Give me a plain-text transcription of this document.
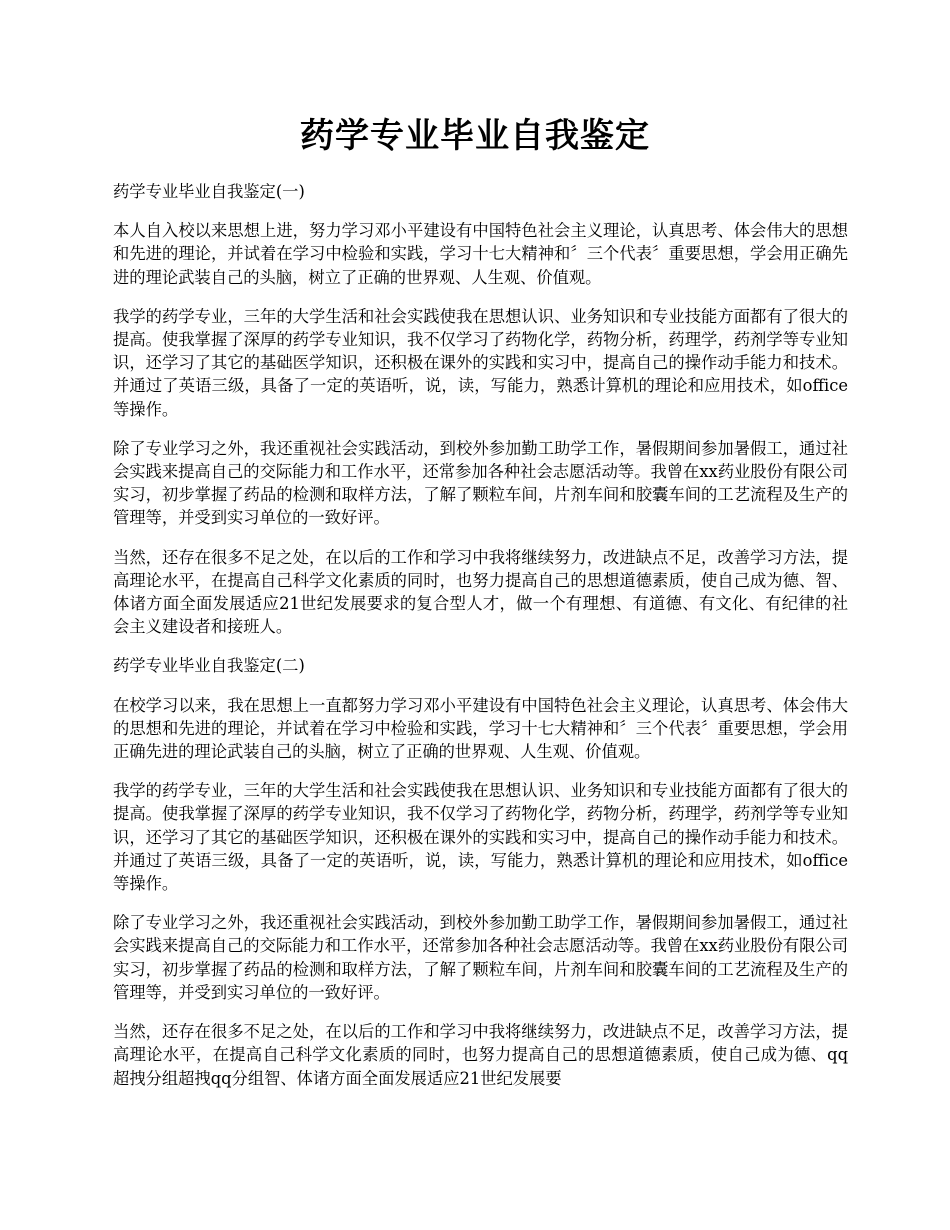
药学专业毕业自我鉴定

药学专业毕业自我鉴定(一)

本人自入校以来思想上进，努力学习邓小平建设有中国特色社会主义理论，认真思考、体会伟大的思想和先进的理论，并试着在学习中检验和实践，学习十七大精神和〞三个代表〞重要思想，学会用正确先进的理论武装自己的头脑，树立了正确的世界观、人生观、价值观。

我学的药学专业，三年的大学生活和社会实践使我在思想认识、业务知识和专业技能方面都有了很大的提高。使我掌握了深厚的药学专业知识，我不仅学习了药物化学，药物分析，药理学，药剂学等专业知识，还学习了其它的基础医学知识，还积极在课外的实践和实习中，提高自己的操作动手能力和技术。并通过了英语三级，具备了一定的英语听，说，读，写能力，熟悉计算机的理论和应用技术，如office等操作。

除了专业学习之外，我还重视社会实践活动，到校外参加勤工助学工作，暑假期间参加暑假工，通过社会实践来提高自己的交际能力和工作水平，还常参加各种社会志愿活动等。我曾在xx药业股份有限公司实习，初步掌握了药品的检测和取样方法，了解了颗粒车间，片剂车间和胶囊车间的工艺流程及生产的管理等，并受到实习单位的一致好评。

当然，还存在很多不足之处，在以后的工作和学习中我将继续努力，改进缺点不足，改善学习方法，提高理论水平，在提高自己科学文化素质的同时，也努力提高自己的思想道德素质，使自己成为德、智、体诸方面全面发展适应21世纪发展要求的复合型人才，做一个有理想、有道德、有文化、有纪律的社会主义建设者和接班人。

药学专业毕业自我鉴定(二)

在校学习以来，我在思想上一直都努力学习邓小平建设有中国特色社会主义理论，认真思考、体会伟大的思想和先进的理论，并试着在学习中检验和实践，学习十七大精神和〞三个代表〞重要思想，学会用正确先进的理论武装自己的头脑，树立了正确的世界观、人生观、价值观。

我学的药学专业，三年的大学生活和社会实践使我在思想认识、业务知识和专业技能方面都有了很大的提高。使我掌握了深厚的药学专业知识，我不仅学习了药物化学，药物分析，药理学，药剂学等专业知识，还学习了其它的基础医学知识，还积极在课外的实践和实习中，提高自己的操作动手能力和技术。并通过了英语三级，具备了一定的英语听，说，读，写能力，熟悉计算机的理论和应用技术，如office等操作。

除了专业学习之外，我还重视社会实践活动，到校外参加勤工助学工作，暑假期间参加暑假工，通过社会实践来提高自己的交际能力和工作水平，还常参加各种社会志愿活动等。我曾在xx药业股份有限公司实习，初步掌握了药品的检测和取样方法，了解了颗粒车间，片剂车间和胶囊车间的工艺流程及生产的管理等，并受到实习单位的一致好评。

当然，还存在很多不足之处，在以后的工作和学习中我将继续努力，改进缺点不足，改善学习方法，提高理论水平，在提高自己科学文化素质的同时，也努力提高自己的思想道德素质，使自己成为德、qq超拽分组超拽qq分组智、体诸方面全面发展适应21世纪发展要
